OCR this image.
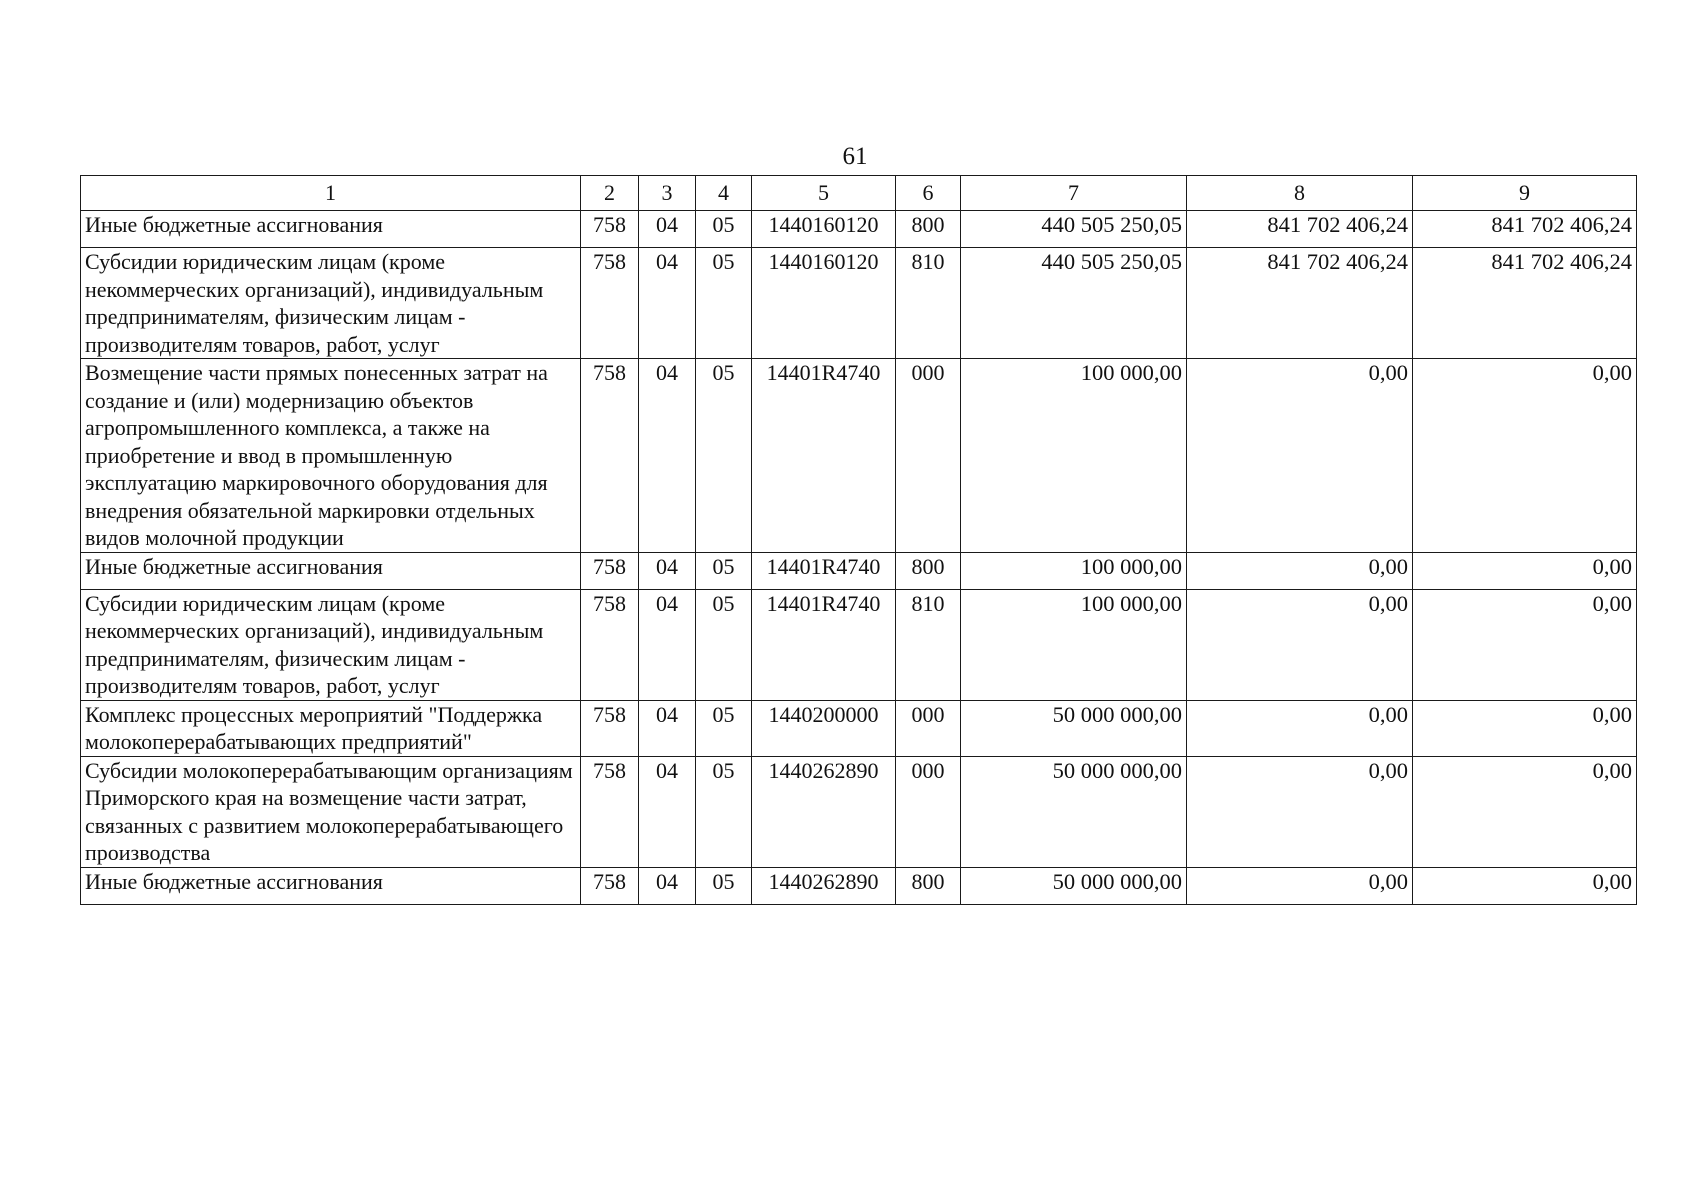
61
1	2	3	4	5	6	7	8	9
Иные бюджетные ассигнования	758	04	05	1440160120	800	440 505 250,05	841 702 406,24	841 702 406,24
Субсидии юридическим лицам (кроме некоммерческих организаций), индивидуальным предпринимателям, физическим лицам - производителям товаров, работ, услуг	758	04	05	1440160120	810	440 505 250,05	841 702 406,24	841 702 406,24
Возмещение части прямых понесенных затрат на создание и (или) модернизацию объектов агропромышленного комплекса, а также на приобретение и ввод в промышленную эксплуатацию маркировочного оборудования для внедрения обязательной маркировки отдельных видов молочной продукции	758	04	05	14401R4740	000	100 000,00	0,00	0,00
Иные бюджетные ассигнования	758	04	05	14401R4740	800	100 000,00	0,00	0,00
Субсидии юридическим лицам (кроме некоммерческих организаций), индивидуальным предпринимателям, физическим лицам - производителям товаров, работ, услуг	758	04	05	14401R4740	810	100 000,00	0,00	0,00
Комплекс процессных мероприятий "Поддержка молокоперерабатывающих предприятий"	758	04	05	1440200000	000	50 000 000,00	0,00	0,00
Субсидии молокоперерабатывающим организациям Приморского края на возмещение части затрат, связанных с развитием молокоперерабатывающего производства	758	04	05	1440262890	000	50 000 000,00	0,00	0,00
Иные бюджетные ассигнования	758	04	05	1440262890	800	50 000 000,00	0,00	0,00
